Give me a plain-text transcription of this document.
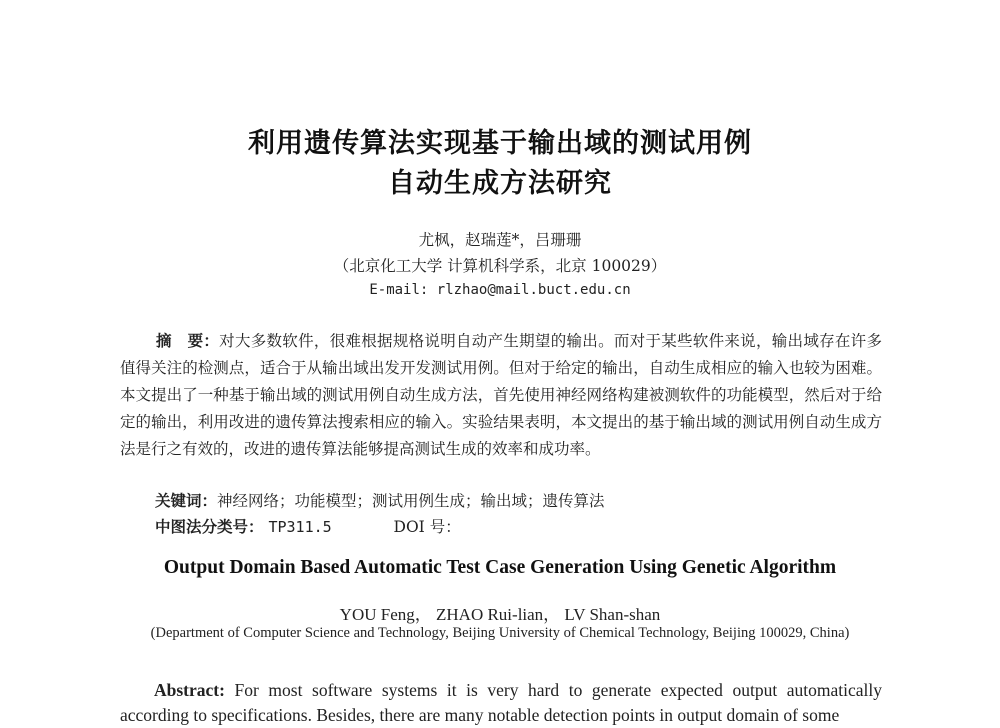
利用遗传算法实现基于输出域的测试用例
自动生成方法研究
尤枫，赵瑞莲*，吕珊珊
（北京化工大学 计算机科学系，北京 100029）
E-mail: rlzhao@mail.buct.edu.cn
摘　要：对大多数软件，很难根据规格说明自动产生期望的输出。而对于某些软件来说，输出域存在许多值得关注的检测点，适合于从输出域出发开发测试用例。但对于给定的输出，自动生成相应的输入也较为困难。本文提出了一种基于输出域的测试用例自动生成方法，首先使用神经网络构建被测软件的功能模型，然后对于给定的输出，利用改进的遗传算法搜索相应的输入。实验结果表明，本文提出的基于输出域的测试用例自动生成方法是行之有效的，改进的遗传算法能够提高测试生成的效率和成功率。
关键词：神经网络；功能模型；测试用例生成；输出域；遗传算法
中图法分类号： TP311.5	DOI 号：
Output Domain Based Automatic Test Case Generation Using Genetic Algorithm
YOU Feng， ZHAO Rui-lian， LV Shan-shan
(Department of Computer Science and Technology, Beijing University of Chemical Technology, Beijing 100029, China)
Abstract: For most software systems it is very hard to generate expected output automatically according to specifications. Besides, there are many notable detection points in output domain of some
